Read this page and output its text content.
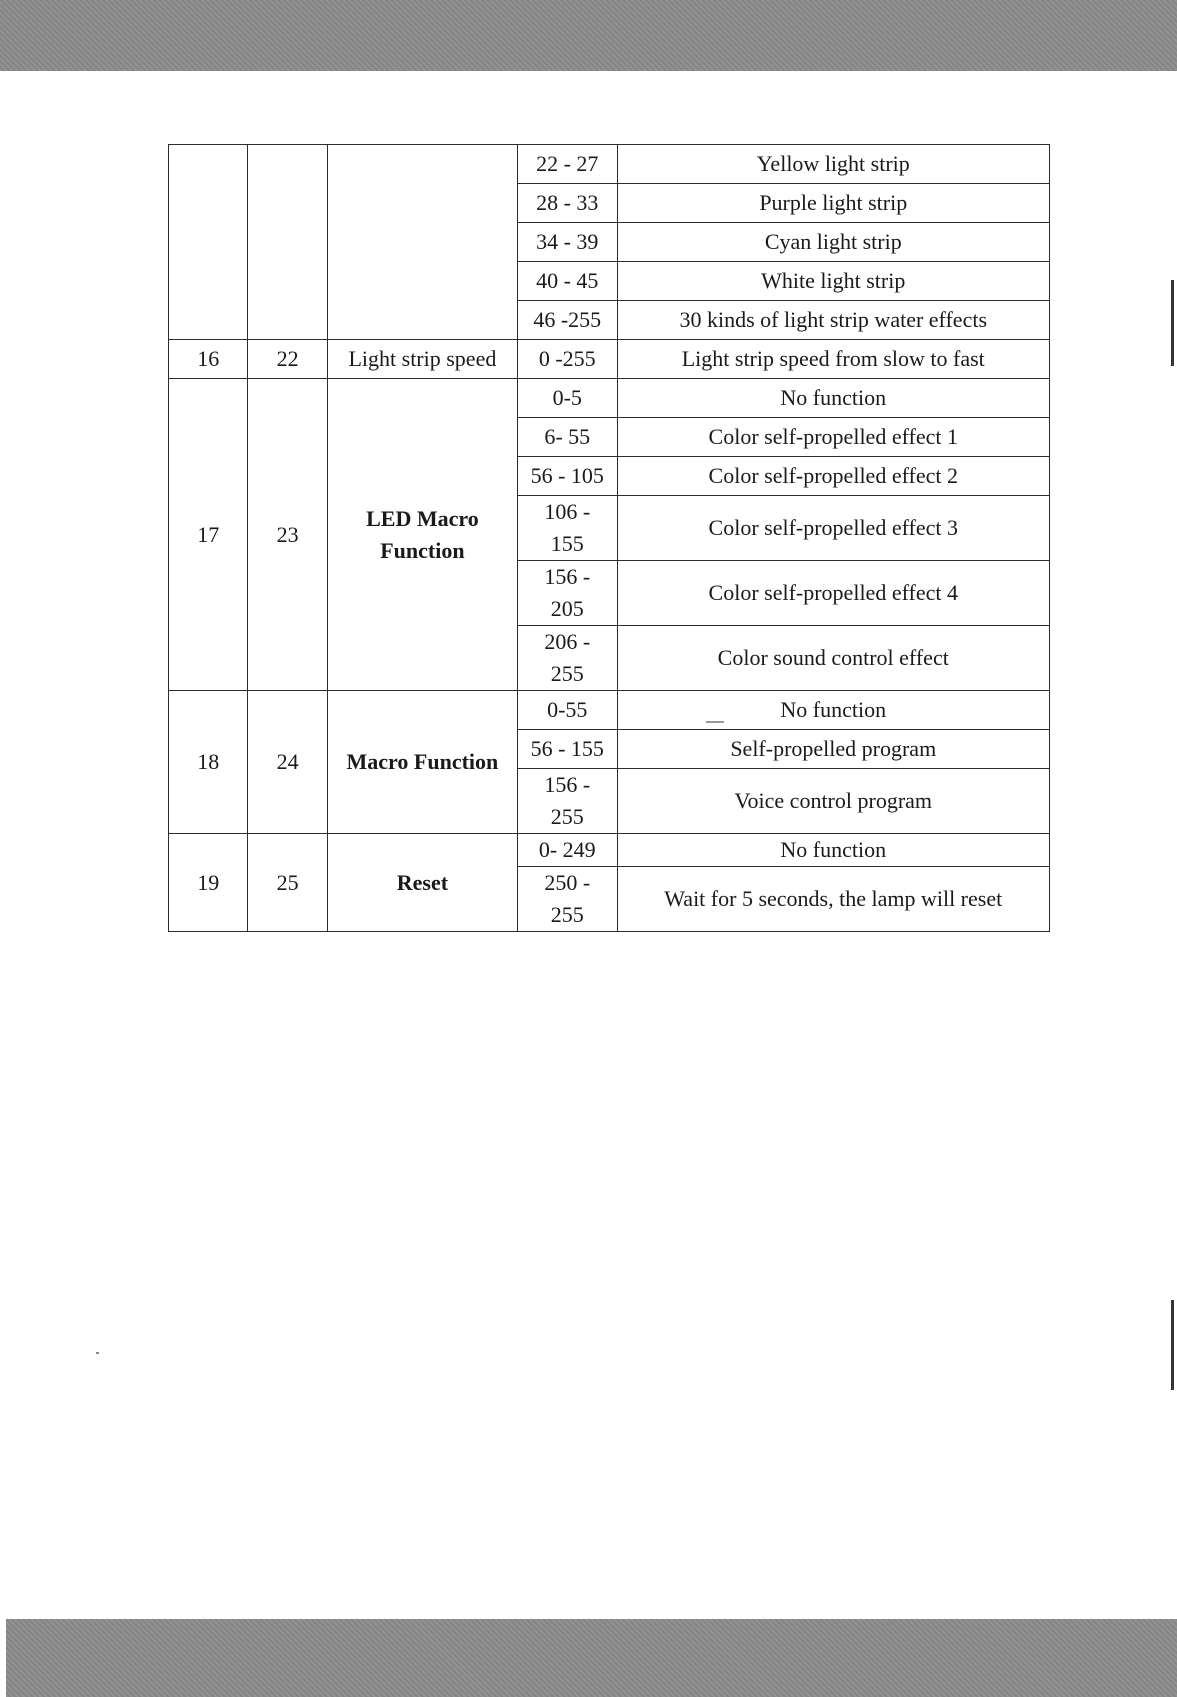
			22 - 27	Yellow light strip
			28 - 33	Purple light strip
			34 - 39	Cyan light strip
			40 - 45	White light strip
			46 -255	30 kinds of light strip water effects
16	22	Light strip speed	0 -255	Light strip speed from slow to fast
17	23	LED Macro Function	0-5	No function
			6- 55	Color self-propelled effect 1
			56 - 105	Color self-propelled effect 2
			106 - 155	Color self-propelled effect 3
			156 - 205	Color self-propelled effect 4
			206 - 255	Color sound control effect
18	24	Macro Function	0-55	No function
			56 - 155	Self-propelled program
			156 - 255	Voice control program
19	25	Reset	0- 249	No function
			250 - 255	Wait for 5 seconds, the lamp will reset
